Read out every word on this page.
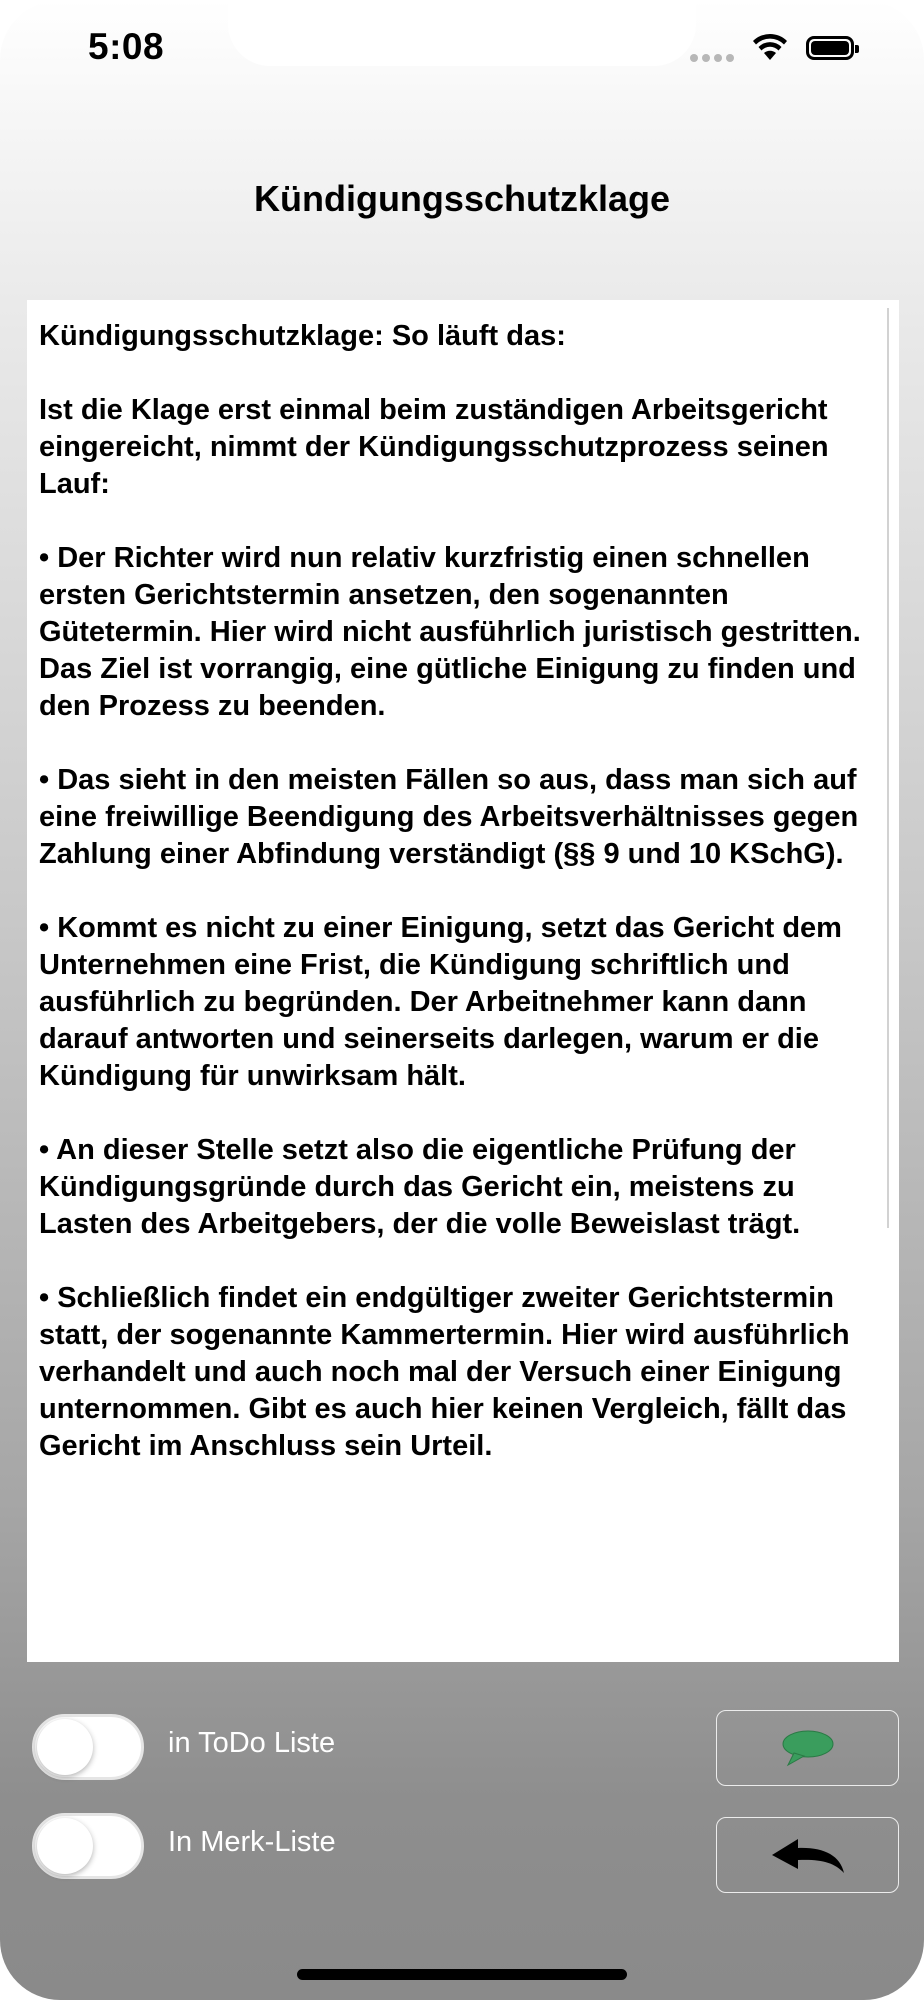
5:08
Kündigungsschutzklage

Kündigungsschutzklage: So läuft das:

Ist die Klage erst einmal beim zuständigen Arbeitsgericht eingereicht, nimmt der Kündigungsschutzprozess seinen Lauf:

• Der Richter wird nun relativ kurzfristig einen schnellen ersten Gerichtstermin ansetzen, den sogenannten Gütetermin. Hier wird nicht ausführlich juristisch gestritten. Das Ziel ist vorrangig, eine gütliche Einigung zu finden und den Prozess zu beenden.

• Das sieht in den meisten Fällen so aus, dass man sich auf eine freiwillige Beendigung des Arbeitsverhältnisses gegen Zahlung einer Abfindung verständigt (§§ 9 und 10 KSchG).

• Kommt es nicht zu einer Einigung, setzt das Gericht dem Unternehmen eine Frist, die Kündigung schriftlich und ausführlich zu begründen. Der Arbeitnehmer kann dann darauf antworten und seinerseits darlegen, warum er die Kündigung für unwirksam hält.

• An dieser Stelle setzt also die eigentliche Prüfung der Kündigungsgründe durch das Gericht ein, meistens zu Lasten des Arbeitgebers, der die volle Beweislast trägt.

• Schließlich findet ein endgültiger zweiter Gerichtstermin statt, der sogenannte Kammertermin. Hier wird ausführlich verhandelt und auch noch mal der Versuch einer Einigung unternommen. Gibt es auch hier keinen Vergleich, fällt das Gericht im Anschluss sein Urteil.

in ToDo Liste
In Merk-Liste
